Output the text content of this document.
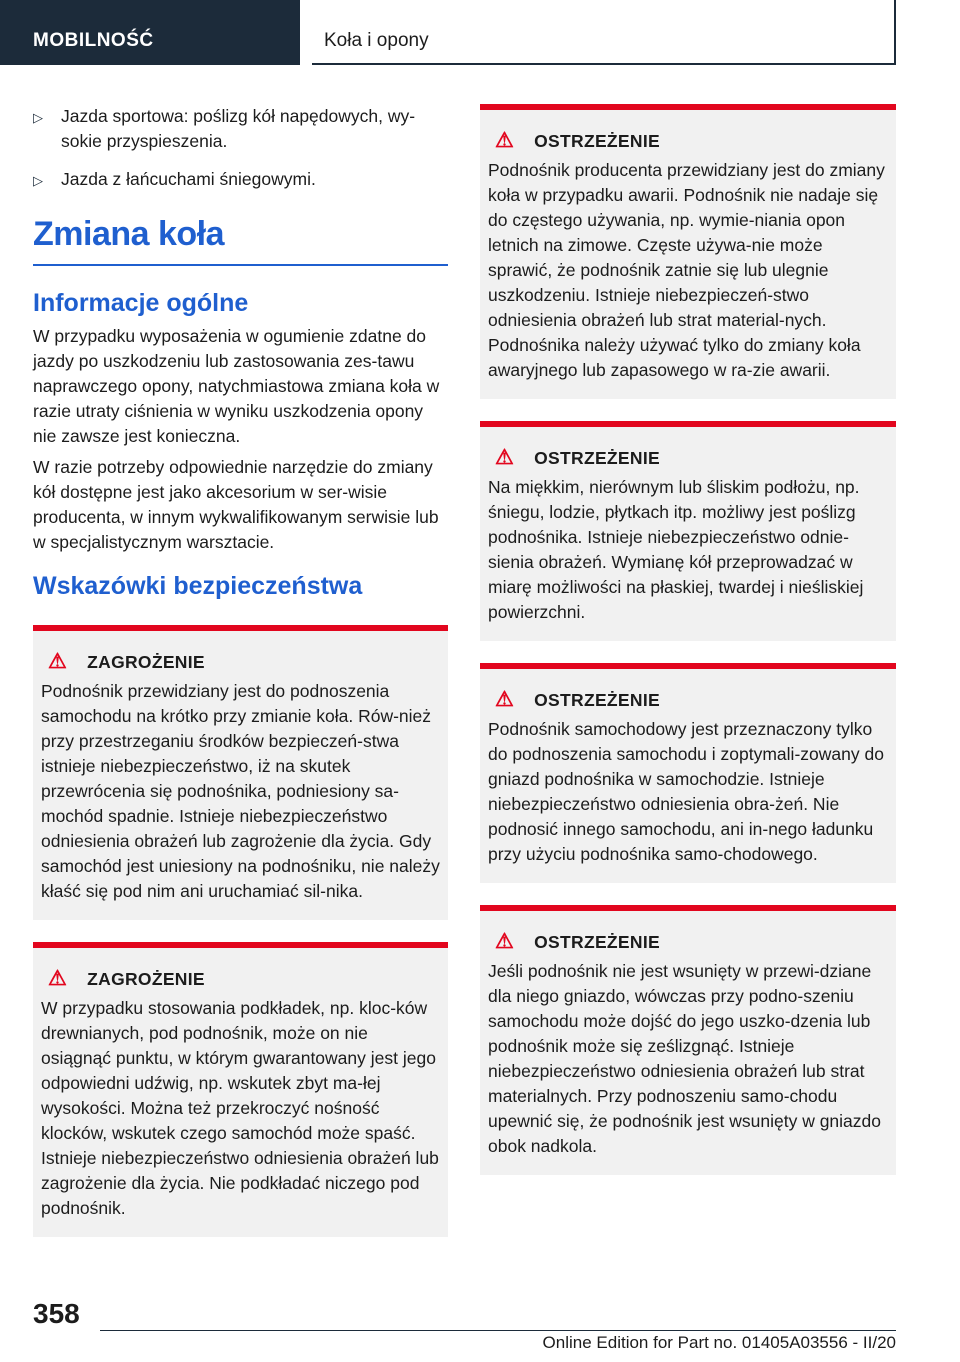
MOBILNOŚĆ	Koła i opony
▷ Jazda sportowa: poślizg kół napędowych, wy-sokie przyspieszenia.
▷ Jazda z łańcuchami śniegowymi.
Zmiana koła
Informacje ogólne

W przypadku wyposażenia w ogumienie zdatne do jazdy po uszkodzeniu lub zastosowania zes-tawu naprawczego opony, natychmiastowa zmiana koła w razie utraty ciśnienia w wyniku uszkodzenia opony nie zawsze jest konieczna.

W razie potrzeby odpowiednie narzędzie do zmiany kół dostępne jest jako akcesorium w ser-wisie producenta, w innym wykwalifikowanym serwisie lub w specjalistycznym warsztacie.

Wskazówki bezpieczeństwa
⚠ ZAGROŻENIE
Podnośnik przewidziany jest do podnoszenia samochodu na krótko przy zmianie koła. Rów-nież przy przestrzeganiu środków bezpieczeń-stwa istnieje niebezpieczeństwo, iż na skutek przewrócenia się podnośnika, podniesiony sa-mochód spadnie. Istnieje niebezpieczeństwo odniesienia obrażeń lub zagrożenie dla życia. Gdy samochód jest uniesiony na podnośniku, nie należy kłaść się pod nim ani uruchamiać sil-nika.
⚠ ZAGROŻENIE
W przypadku stosowania podkładek, np. kloc-ków drewnianych, pod podnośnik, może on nie osiągnąć punktu, w którym gwarantowany jest jego odpowiedni udźwig, np. wskutek zbyt ma-łej wysokości. Można też przekroczyć nośność klocków, wskutek czego samochód może spaść. Istnieje niebezpieczeństwo odniesienia obrażeń lub zagrożenie dla życia. Nie podkładać niczego pod podnośnik.
⚠ OSTRZEŻENIE
Podnośnik producenta przewidziany jest do zmiany koła w przypadku awarii. Podnośnik nie nadaje się do częstego używania, np. wymie-niania opon letnich na zimowe. Częste używa-nie może sprawić, że podnośnik zatnie się lub ulegnie uszkodzeniu. Istnieje niebezpieczeń-stwo odniesienia obrażeń lub strat material-nych. Podnośnika należy używać tylko do zmiany koła awaryjnego lub zapasowego w ra-zie awarii.
⚠ OSTRZEŻENIE
Na miękkim, nierównym lub śliskim podłożu, np. śniegu, lodzie, płytkach itp. możliwy jest poślizg podnośnika. Istnieje niebezpieczeństwo odnie-sienia obrażeń. Wymianę kół przeprowadzać w miarę możliwości na płaskiej, twardej i nieśliskiej powierzchni.
⚠ OSTRZEŻENIE
Podnośnik samochodowy jest przeznaczony tylko do podnoszenia samochodu i zoptymali-zowany do gniazd podnośnika w samochodzie. Istnieje niebezpieczeństwo odniesienia obra-żeń. Nie podnosić innego samochodu, ani in-nego ładunku przy użyciu podnośnika samo-chodowego.
⚠ OSTRZEŻENIE
Jeśli podnośnik nie jest wsunięty w przewi-dziane dla niego gniazdo, wówczas przy podno-szeniu samochodu może dojść do jego uszko-dzenia lub podnośnik może się ześlizgnąć. Istnieje niebezpieczeństwo odniesienia obrażeń lub strat materialnych. Przy podnoszeniu samo-chodu upewnić się, że podnośnik jest wsunięty w gniazdo obok nadkola.
358
Online Edition for Part no. 01405A03556 - II/20
